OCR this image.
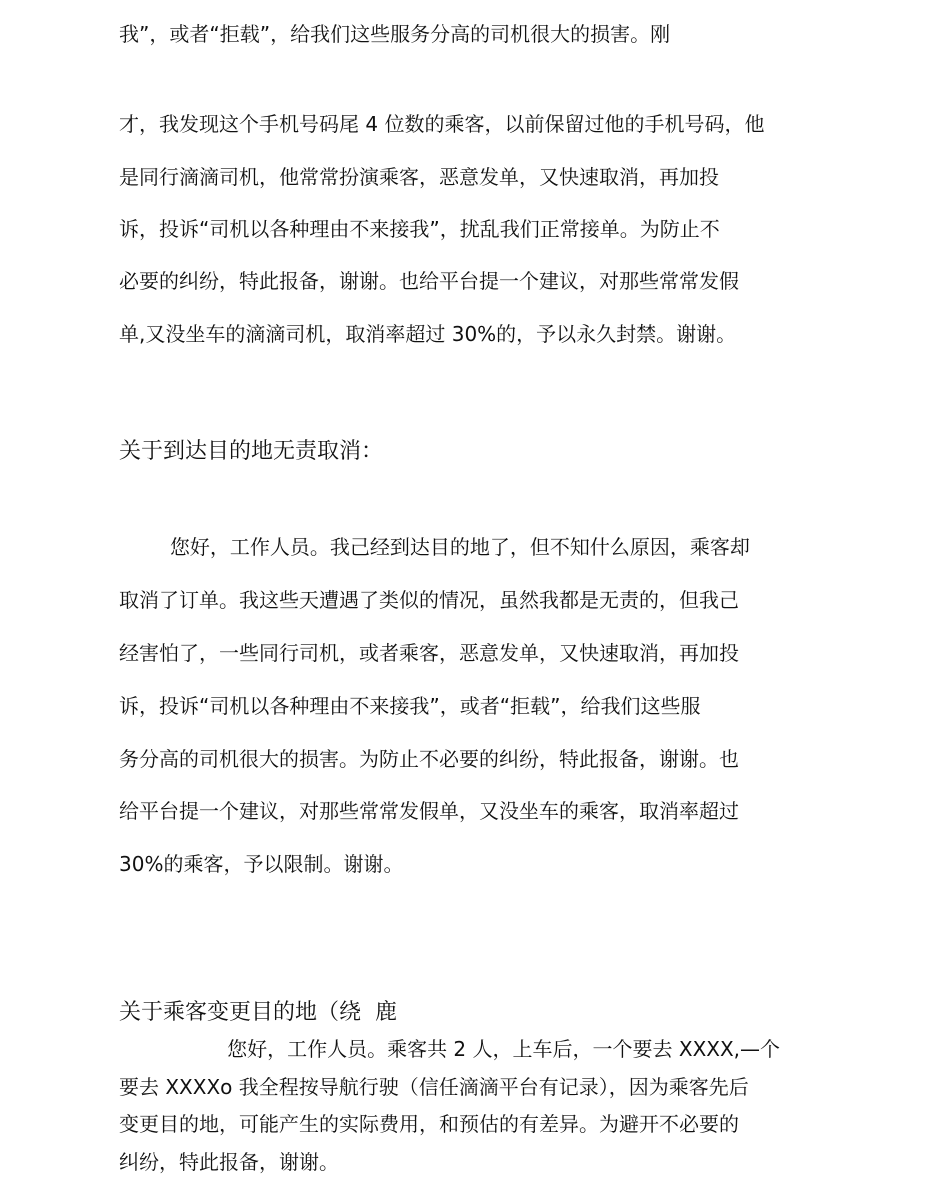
我”，或者“拒载”，给我们这些服务分高的司机很大的损害。刚
才，我发现这个手机号码尾 4 位数的乘客，以前保留过他的手机号码，他
是同行滴滴司机，他常常扮演乘客，恶意发单，又快速取消，再加投
诉，投诉“司机以各种理由不来接我”，扰乱我们正常接单。为防止不
必要的纠纷，特此报备，谢谢。也给平台提一个建议，对那些常常发假
单,又没坐车的滴滴司机，取消率超过 30%的，予以永久封禁。谢谢。
关于到达目的地无责取消：
您好，工作人员。我己经到达目的地了，但不知什么原因，乘客却
取消了订单。我这些天遭遇了类似的情况，虽然我都是无责的，但我己
经害怕了，一些同行司机，或者乘客，恶意发单，又快速取消，再加投
诉，投诉“司机以各种理由不来接我”，或者“拒载”，给我们这些服
务分高的司机很大的损害。为防止不必要的纠纷，特此报备，谢谢。也
给平台提一个建议，对那些常常发假单，又没坐车的乘客，取消率超过
30%的乘客，予以限制。谢谢。
关于乘客变更目的地（绕  鹿
您好，工作人员。乘客共 2 人，上车后，一个要去 XXXX,—个
要去 XXXXo 我全程按导航行驶（信任滴滴平台有记录），因为乘客先后
变更目的地，可能产生的实际费用，和预估的有差异。为避开不必要的
纠纷，特此报备，谢谢。
